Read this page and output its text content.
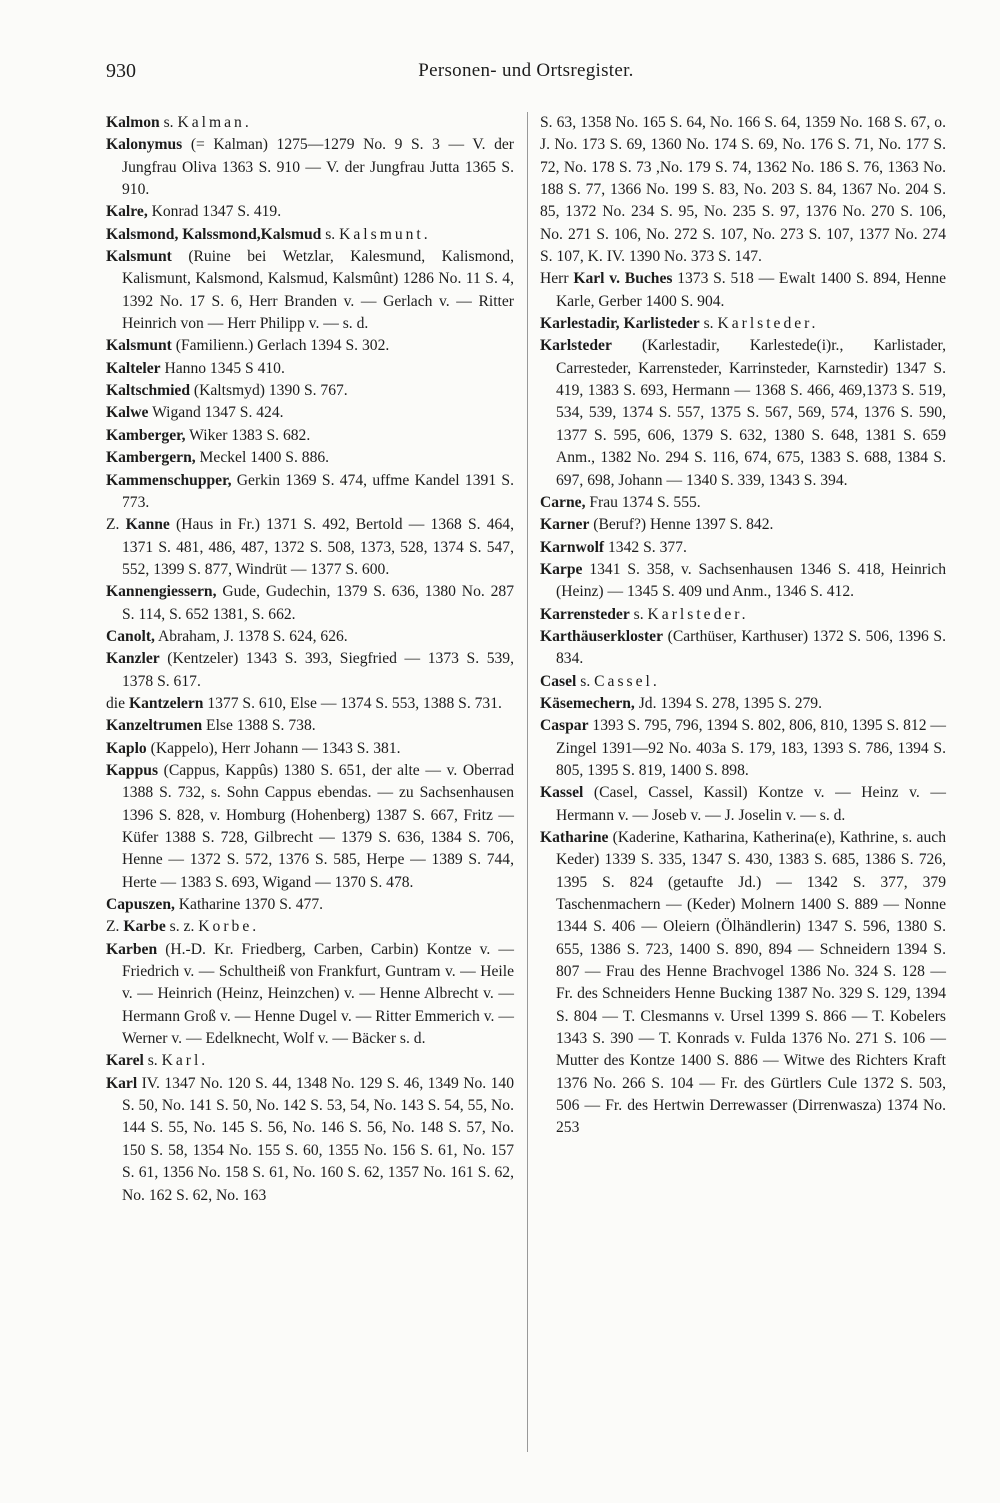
930	Personen- und Ortsregister.

Kalmon s. Kalman.

Kalonymus (= Kalman) 1275—1279 No. 9 S. 3 — V. der Jungfrau Oliva 1363 S. 910 — V. der Jungfrau Jutta 1365 S. 910.

Kalre, Konrad 1347 S. 419.

Kalsmond, Kalssmond,Kalsmud s. Kalsmunt.

Kalsmunt (Ruine bei Wetzlar, Kalesmund, Kalismond, Kalismunt, Kalsmond, Kalsmud, Kalsmûnt) 1286 No. 11 S. 4, 1392 No. 17 S. 6, Herr Branden v. — Gerlach v. — Ritter Heinrich von — Herr Philipp v. — s. d.

Kalsmunt (Familienn.) Gerlach 1394 S. 302.

Kalteler Hanno 1345 S 410.

Kaltschmied (Kaltsmyd) 1390 S. 767.

Kalwe Wigand 1347 S. 424.

Kamberger, Wiker 1383 S. 682.

Kambergern, Meckel 1400 S. 886.

Kammenschupper, Gerkin 1369 S. 474, uffme Kandel 1391 S. 773.

Z. Kanne (Haus in Fr.) 1371 S. 492, Bertold — 1368 S. 464, 1371 S. 481, 486, 487, 1372 S. 508, 1373, 528, 1374 S. 547, 552, 1399 S. 877, Windrüt — 1377 S. 600.

Kannengiessern, Gude, Gudechin, 1379 S. 636, 1380 No. 287 S. 114, S. 652 1381, S. 662.

Canolt, Abraham, J. 1378 S. 624, 626.

Kanzler (Kentzeler) 1343 S. 393, Siegfried — 1373 S. 539, 1378 S. 617.

die Kantzelern 1377 S. 610, Else — 1374 S. 553, 1388 S. 731.

Kanzeltrumen Else 1388 S. 738.

Kaplo (Kappelo), Herr Johann — 1343 S. 381.

Kappus (Cappus, Kappûs) 1380 S. 651, der alte — v. Oberrad 1388 S. 732, s. Sohn Cappus ebendas. — zu Sachsenhausen 1396 S. 828, v. Homburg (Hohenberg) 1387 S. 667, Fritz — Küfer 1388 S. 728, Gilbrecht — 1379 S. 636, 1384 S. 706, Henne — 1372 S. 572, 1376 S. 585, Herpe — 1389 S. 744, Herte — 1383 S. 693, Wigand — 1370 S. 478.

Capuszen, Katharine 1370 S. 477.

Z. Karbe s. z. Korbe.

Karben (H.-D. Kr. Friedberg, Carben, Carbin) Kontze v. — Friedrich v. — Schultheiß von Frankfurt, Guntram v. — Heile v. — Heinrich (Heinz, Heinzchen) v. — Henne Albrecht v. — Hermann Groß v. — Henne Dugel v. — Ritter Emmerich v. — Werner v. — Edelknecht, Wolf v. — Bäcker s. d.

Karel s. Karl.

Karl IV. 1347 No. 120 S. 44, 1348 No. 129 S. 46, 1349 No. 140 S. 50, No. 141 S. 50, No. 142 S. 53, 54, No. 143 S. 54, 55, No. 144 S. 55, No. 145 S. 56, No. 146 S. 56, No. 148 S. 57, No. 150 S. 58, 1354 No. 155 S. 60, 1355 No. 156 S. 61, No. 157 S. 61, 1356 No. 158 S. 61, No. 160 S. 62, 1357 No. 161 S. 62, No. 162 S. 62, No. 163

S. 63, 1358 No. 165 S. 64, No. 166 S. 64, 1359 No. 168 S. 67, o. J. No. 173 S. 69, 1360 No. 174 S. 69, No. 176 S. 71, No. 177 S. 72, No. 178 S. 73 ,No. 179 S. 74, 1362 No. 186 S. 76, 1363 No. 188 S. 77, 1366 No. 199 S. 83, No. 203 S. 84, 1367 No. 204 S. 85, 1372 No. 234 S. 95, No. 235 S. 97, 1376 No. 270 S. 106, No. 271 S. 106, No. 272 S. 107, No. 273 S. 107, 1377 No. 274 S. 107, K. IV. 1390 No. 373 S. 147.

Herr Karl v. Buches 1373 S. 518 — Ewalt 1400 S. 894, Henne Karle, Gerber 1400 S. 904.

Karlestadir, Karlisteder s. Karlsteder.

Karlsteder (Karlestadir, Karlestede(i)r., Karlistader, Carresteder, Karrensteder, Karrinsteder, Karnstedir) 1347 S. 419, 1383 S. 693, Hermann — 1368 S. 466, 469,1373 S. 519, 534, 539, 1374 S. 557, 1375 S. 567, 569, 574, 1376 S. 590, 1377 S. 595, 606, 1379 S. 632, 1380 S. 648, 1381 S. 659 Anm., 1382 No. 294 S. 116, 674, 675, 1383 S. 688, 1384 S. 697, 698, Johann — 1340 S. 339, 1343 S. 394.

Carne, Frau 1374 S. 555.

Karner (Beruf?) Henne 1397 S. 842.

Karnwolf 1342 S. 377.

Karpe 1341 S. 358, v. Sachsenhausen 1346 S. 418, Heinrich (Heinz) — 1345 S. 409 und Anm., 1346 S. 412.

Karrensteder s. Karlsteder.

Karthäuserkloster (Carthüser, Karthuser) 1372 S. 506, 1396 S. 834.

Casel s. Cassel.

Käsemechern, Jd. 1394 S. 278, 1395 S. 279.

Caspar 1393 S. 795, 796, 1394 S. 802, 806, 810, 1395 S. 812 — Zingel 1391—92 No. 403a S. 179, 183, 1393 S. 786, 1394 S. 805, 1395 S. 819, 1400 S. 898.

Kassel (Casel, Cassel, Kassil) Kontze v. — Heinz v. — Hermann v. — Joseb v. — J. Joselin v. — s. d.

Katharine (Kaderine, Katharina, Katherina(e), Kathrine, s. auch Keder) 1339 S. 335, 1347 S. 430, 1383 S. 685, 1386 S. 726, 1395 S. 824 (getaufte Jd.) — 1342 S. 377, 379 Taschenmachern — (Keder) Molnern 1400 S. 889 — Nonne 1344 S. 406 — Oleiern (Ölhändlerin) 1347 S. 596, 1380 S. 655, 1386 S. 723, 1400 S. 890, 894 — Schneidern 1394 S. 807 — Frau des Henne Brachvogel 1386 No. 324 S. 128 — Fr. des Schneiders Henne Bucking 1387 No. 329 S. 129, 1394 S. 804 — T. Clesmanns v. Ursel 1399 S. 866 — T. Kobelers 1343 S. 390 — T. Konrads v. Fulda 1376 No. 271 S. 106 — Mutter des Kontze 1400 S. 886 — Witwe des Richters Kraft 1376 No. 266 S. 104 — Fr. des Gürtlers Cule 1372 S. 503, 506 — Fr. des Hertwin Derrewasser (Dirrenwasza) 1374 No. 253
